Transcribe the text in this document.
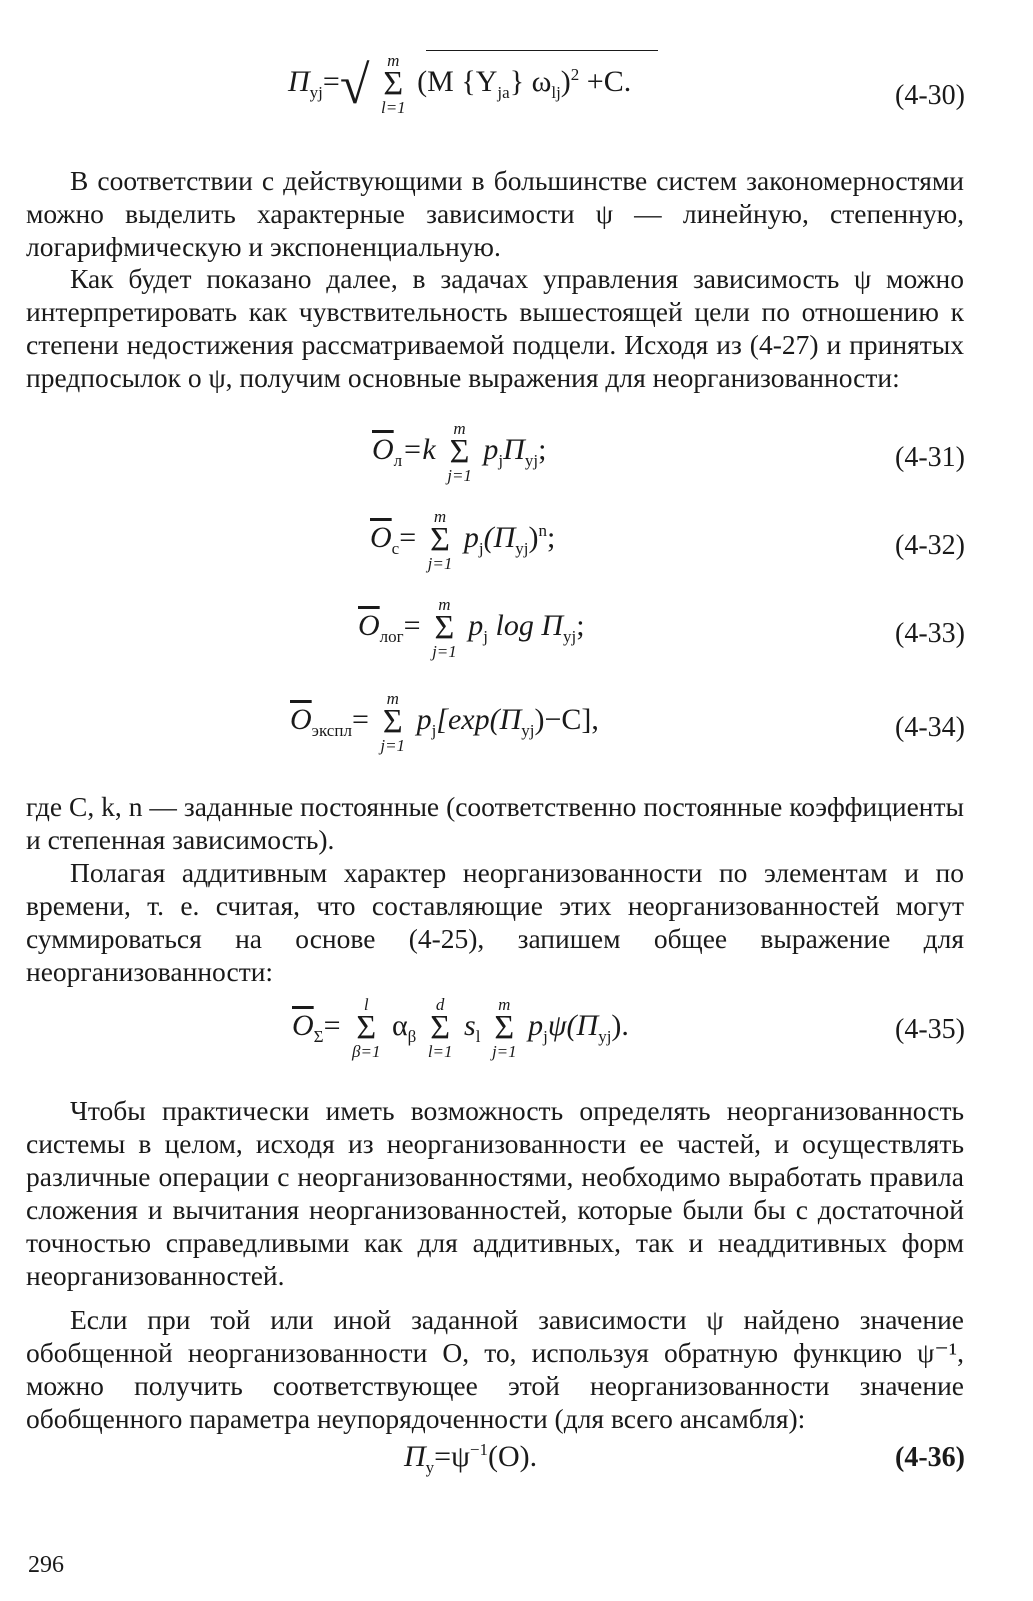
$П_{yj}=√$	m
Σ
l=1
(M $\{Y_{ja}\}$ $\omega_{lj})^2 +C$.	(4-30)

В соответствии с действующими в большинстве систем закономерностями можно выделить характерные зависимости ψ — линейную, степенную, логарифмическую и экспоненциальную.

Как будет показано далее, в задачах управления зависимость ψ можно интерпретировать как чувствительность вышестоящей цели по отношению к степени недостижения рассматриваемой подцели. Исходя из (4-27) и принятых предпосылок о ψ, получим основные выражения для неорганизованности:

$\overline{O}_л=k$
m
Σ
j=1
$p_jП_{yj}$;	(4-31)
$\overline{O}_c=$
m
Σ
j=1
$p_j(П_{yj})^n$;	(4-32)
$\overline{O}_{лог}=$
m
Σ
j=1
$p_j$ $\log П_{yj}$;	(4-33)
$\overline{O}_{экспл}=$
m
Σ
j=1
$p_j[\exp(П_{yj})-C]$,	(4-34)

где C, k, n — заданные постоянные (соответственно постоянные коэффициенты и степенная зависимость).

Полагая аддитивным характер неорганизованности по элементам и по времени, т. е. считая, что составляющие этих неорганизованностей могут суммироваться на основе (4-25), запишем общее выражение для неорганизованности:

$\overline{O}_\Sigma=$
l
Σ
β=1
$\alpha_\beta$
d
Σ
l=1
$s_l$
m
Σ
j=1
$p_j\psi(П_{yj})$.	(4-35)

Чтобы практически иметь возможность определять неорганизованность системы в целом, исходя из неорганизованности ее частей, и осуществлять различные операции с неорганизованностями, необходимо выработать правила сложения и вычитания неорганизованностей, которые были бы с достаточной точностью справедливыми как для аддитивных, так и неаддитивных форм неорганизованностей.

Если при той или иной заданной зависимости ψ найдено значение обобщенной неорганизованности O, то, используя обратную функцию ψ⁻¹, можно получить соответствующее этой неорганизованности значение обобщенного параметра неупорядоченности (для всего ансамбля):

$П_y=\psi^{-1}(O)$.	(4-36)
296
